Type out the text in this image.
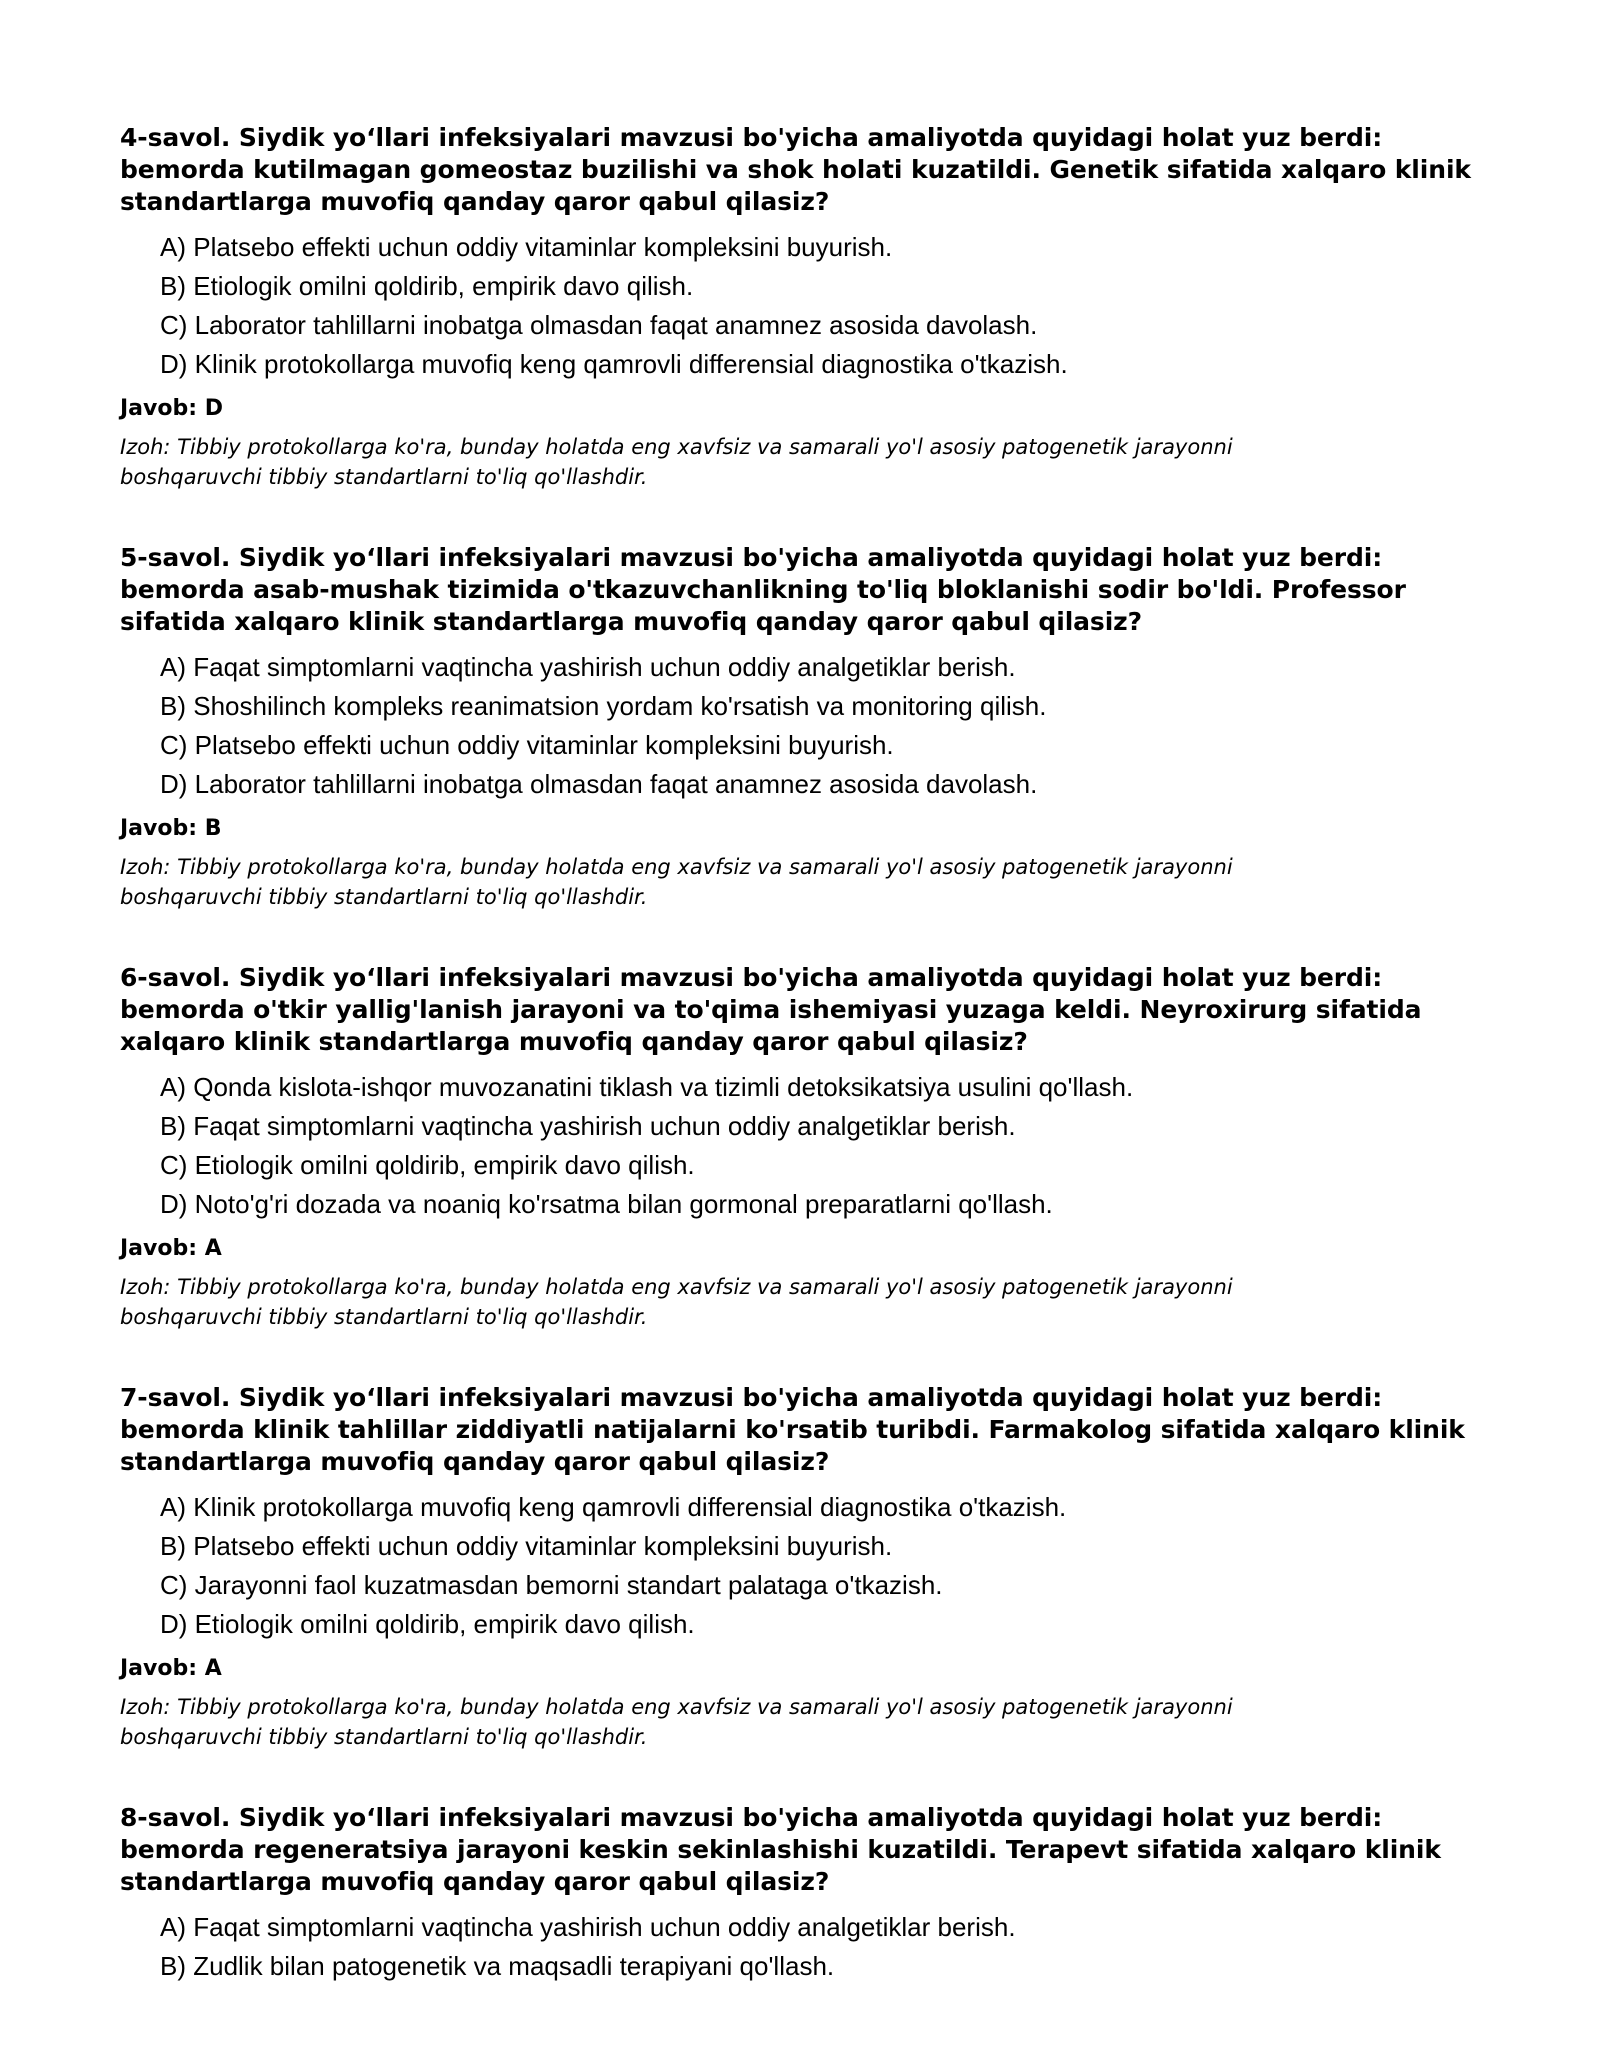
4-savol. Siydik yo‘llari infeksiyalari mavzusi bo'yicha amaliyotda quyidagi holat yuz berdi: bemorda kutilmagan gomeostaz buzilishi va shok holati kuzatildi. Genetik sifatida xalqaro klinik standartlarga muvofiq qanday qaror qabul qilasiz?
A) Platsebo effekti uchun oddiy vitaminlar kompleksini buyurish.
B) Etiologik omilni qoldirib, empirik davo qilish.
C) Laborator tahlillarni inobatga olmasdan faqat anamnez asosida davolash.
D) Klinik protokollarga muvofiq keng qamrovli differensial diagnostika o'tkazish.
Javob: D
Izoh: Tibbiy protokollarga ko'ra, bunday holatda eng xavfsiz va samarali yo'l asosiy patogenetik jarayonni boshqaruvchi tibbiy standartlarni to'liq qo'llashdir.
5-savol. Siydik yo‘llari infeksiyalari mavzusi bo'yicha amaliyotda quyidagi holat yuz berdi: bemorda asab-mushak tizimida o'tkazuvchanlikning to'liq bloklanishi sodir bo'ldi. Professor sifatida xalqaro klinik standartlarga muvofiq qanday qaror qabul qilasiz?
A) Faqat simptomlarni vaqtincha yashirish uchun oddiy analgetiklar berish.
B) Shoshilinch kompleks reanimatsion yordam ko'rsatish va monitoring qilish.
C) Platsebo effekti uchun oddiy vitaminlar kompleksini buyurish.
D) Laborator tahlillarni inobatga olmasdan faqat anamnez asosida davolash.
Javob: B
Izoh: Tibbiy protokollarga ko'ra, bunday holatda eng xavfsiz va samarali yo'l asosiy patogenetik jarayonni boshqaruvchi tibbiy standartlarni to'liq qo'llashdir.
6-savol. Siydik yo‘llari infeksiyalari mavzusi bo'yicha amaliyotda quyidagi holat yuz berdi: bemorda o'tkir yallig'lanish jarayoni va to'qima ishemiyasi yuzaga keldi. Neyroxirurg sifatida xalqaro klinik standartlarga muvofiq qanday qaror qabul qilasiz?
A) Qonda kislota-ishqor muvozanatini tiklash va tizimli detoksikatsiya usulini qo'llash.
B) Faqat simptomlarni vaqtincha yashirish uchun oddiy analgetiklar berish.
C) Etiologik omilni qoldirib, empirik davo qilish.
D) Noto'g'ri dozada va noaniq ko'rsatma bilan gormonal preparatlarni qo'llash.
Javob: A
Izoh: Tibbiy protokollarga ko'ra, bunday holatda eng xavfsiz va samarali yo'l asosiy patogenetik jarayonni boshqaruvchi tibbiy standartlarni to'liq qo'llashdir.
7-savol. Siydik yo‘llari infeksiyalari mavzusi bo'yicha amaliyotda quyidagi holat yuz berdi: bemorda klinik tahlillar ziddiyatli natijalarni ko'rsatib turibdi. Farmakolog sifatida xalqaro klinik standartlarga muvofiq qanday qaror qabul qilasiz?
A) Klinik protokollarga muvofiq keng qamrovli differensial diagnostika o'tkazish.
B) Platsebo effekti uchun oddiy vitaminlar kompleksini buyurish.
C) Jarayonni faol kuzatmasdan bemorni standart palataga o'tkazish.
D) Etiologik omilni qoldirib, empirik davo qilish.
Javob: A
Izoh: Tibbiy protokollarga ko'ra, bunday holatda eng xavfsiz va samarali yo'l asosiy patogenetik jarayonni boshqaruvchi tibbiy standartlarni to'liq qo'llashdir.
8-savol. Siydik yo‘llari infeksiyalari mavzusi bo'yicha amaliyotda quyidagi holat yuz berdi: bemorda regeneratsiya jarayoni keskin sekinlashishi kuzatildi. Terapevt sifatida xalqaro klinik standartlarga muvofiq qanday qaror qabul qilasiz?
A) Faqat simptomlarni vaqtincha yashirish uchun oddiy analgetiklar berish.
B) Zudlik bilan patogenetik va maqsadli terapiyani qo'llash.
